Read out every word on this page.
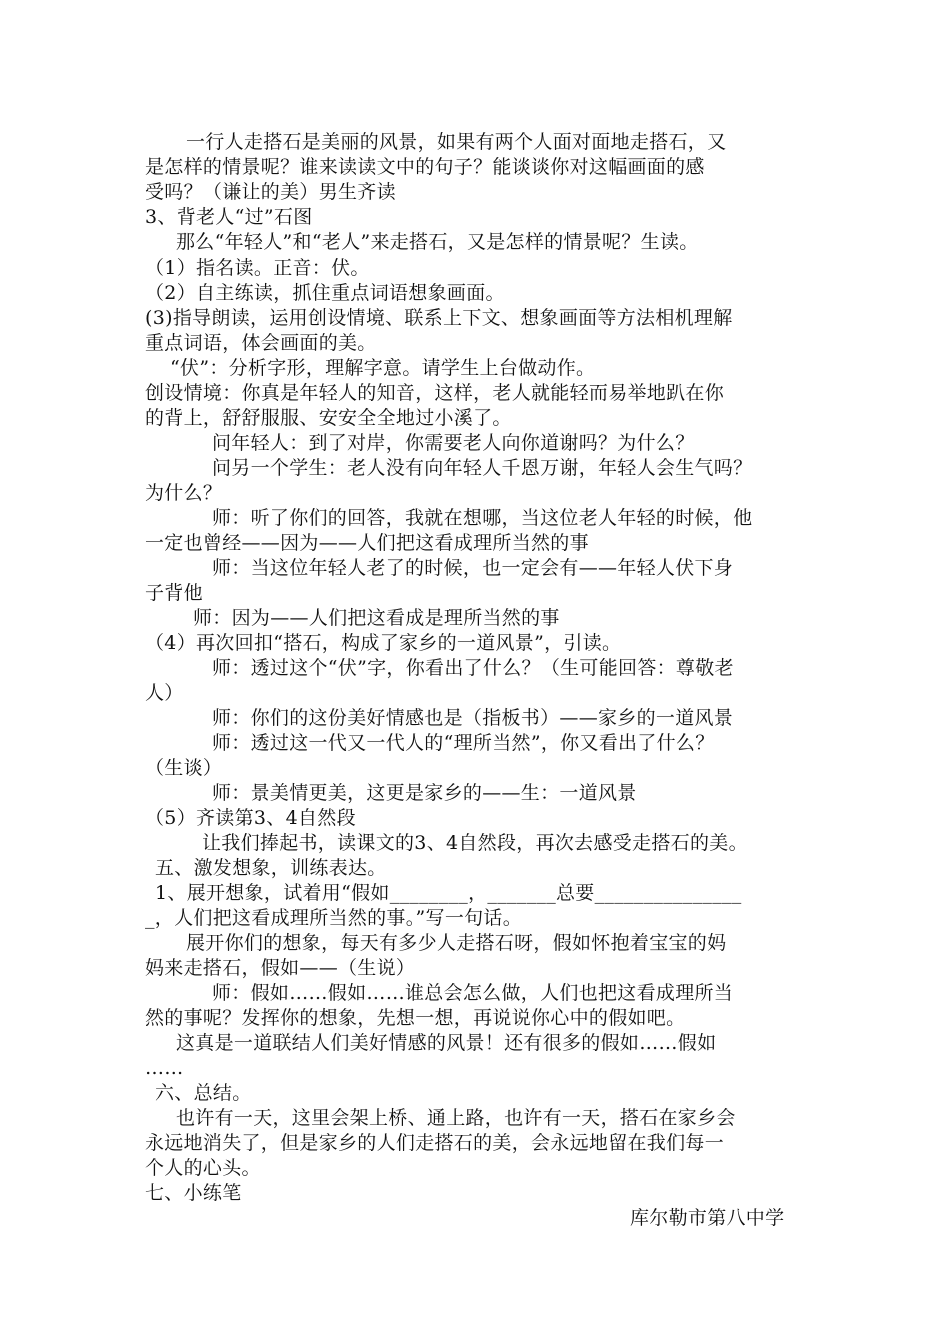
一行人走搭石是美丽的风景，如果有两个人面对面地走搭石，又
是怎样的情景呢？谁来读读文中的句子？能谈谈你对这幅画面的感
受吗？（谦让的美）男生齐读
3、背老人“过”石图
那么“年轻人”和“老人”来走搭石，又是怎样的情景呢？生读。
（1）指名读。正音：伏。
（2）自主练读，抓住重点词语想象画面。
(3)指导朗读，运用创设情境、联系上下文、想象画面等方法相机理解
重点词语，体会画面的美。
“伏”：分析字形，理解字意。请学生上台做动作。
创设情境：你真是年轻人的知音，这样，老人就能轻而易举地趴在你
的背上，舒舒服服、安安全全地过小溪了。
问年轻人：到了对岸，你需要老人向你道谢吗？为什么？
问另一个学生：老人没有向年轻人千恩万谢，年轻人会生气吗？
为什么？
师：听了你们的回答，我就在想哪，当这位老人年轻的时候，他
一定也曾经——因为——人们把这看成理所当然的事
师：当这位年轻人老了的时候，也一定会有——年轻人伏下身
子背他
师：因为——人们把这看成是理所当然的事
（4）再次回扣“搭石，构成了家乡的一道风景”，引读。
师：透过这个“伏”字，你看出了什么？（生可能回答：尊敬老
人）
师：你们的这份美好情感也是（指板书）——家乡的一道风景
师：透过这一代又一代人的“理所当然”，你又看出了什么？
（生谈）
师：景美情更美，这更是家乡的——生：一道风景
（5）齐读第3、4自然段
让我们捧起书，读课文的3、4自然段，再次去感受走搭石的美。
五、激发想象，训练表达。
1、展开想象，试着用“假如________，_______总要_______________
_，人们把这看成理所当然的事。”写一句话。
展开你们的想象，每天有多少人走搭石呀，假如怀抱着宝宝的妈
妈来走搭石，假如——（生说）
师：假如……假如……谁总会怎么做，人们也把这看成理所当
然的事呢？发挥你的想象，先想一想，再说说你心中的假如吧。
这真是一道联结人们美好情感的风景！还有很多的假如……假如
……
六、总结。
也许有一天，这里会架上桥、通上路，也许有一天，搭石在家乡会
永远地消失了，但是家乡的人们走搭石的美，会永远地留在我们每一
个人的心头。
七、小练笔
库尔勒市第八中学
